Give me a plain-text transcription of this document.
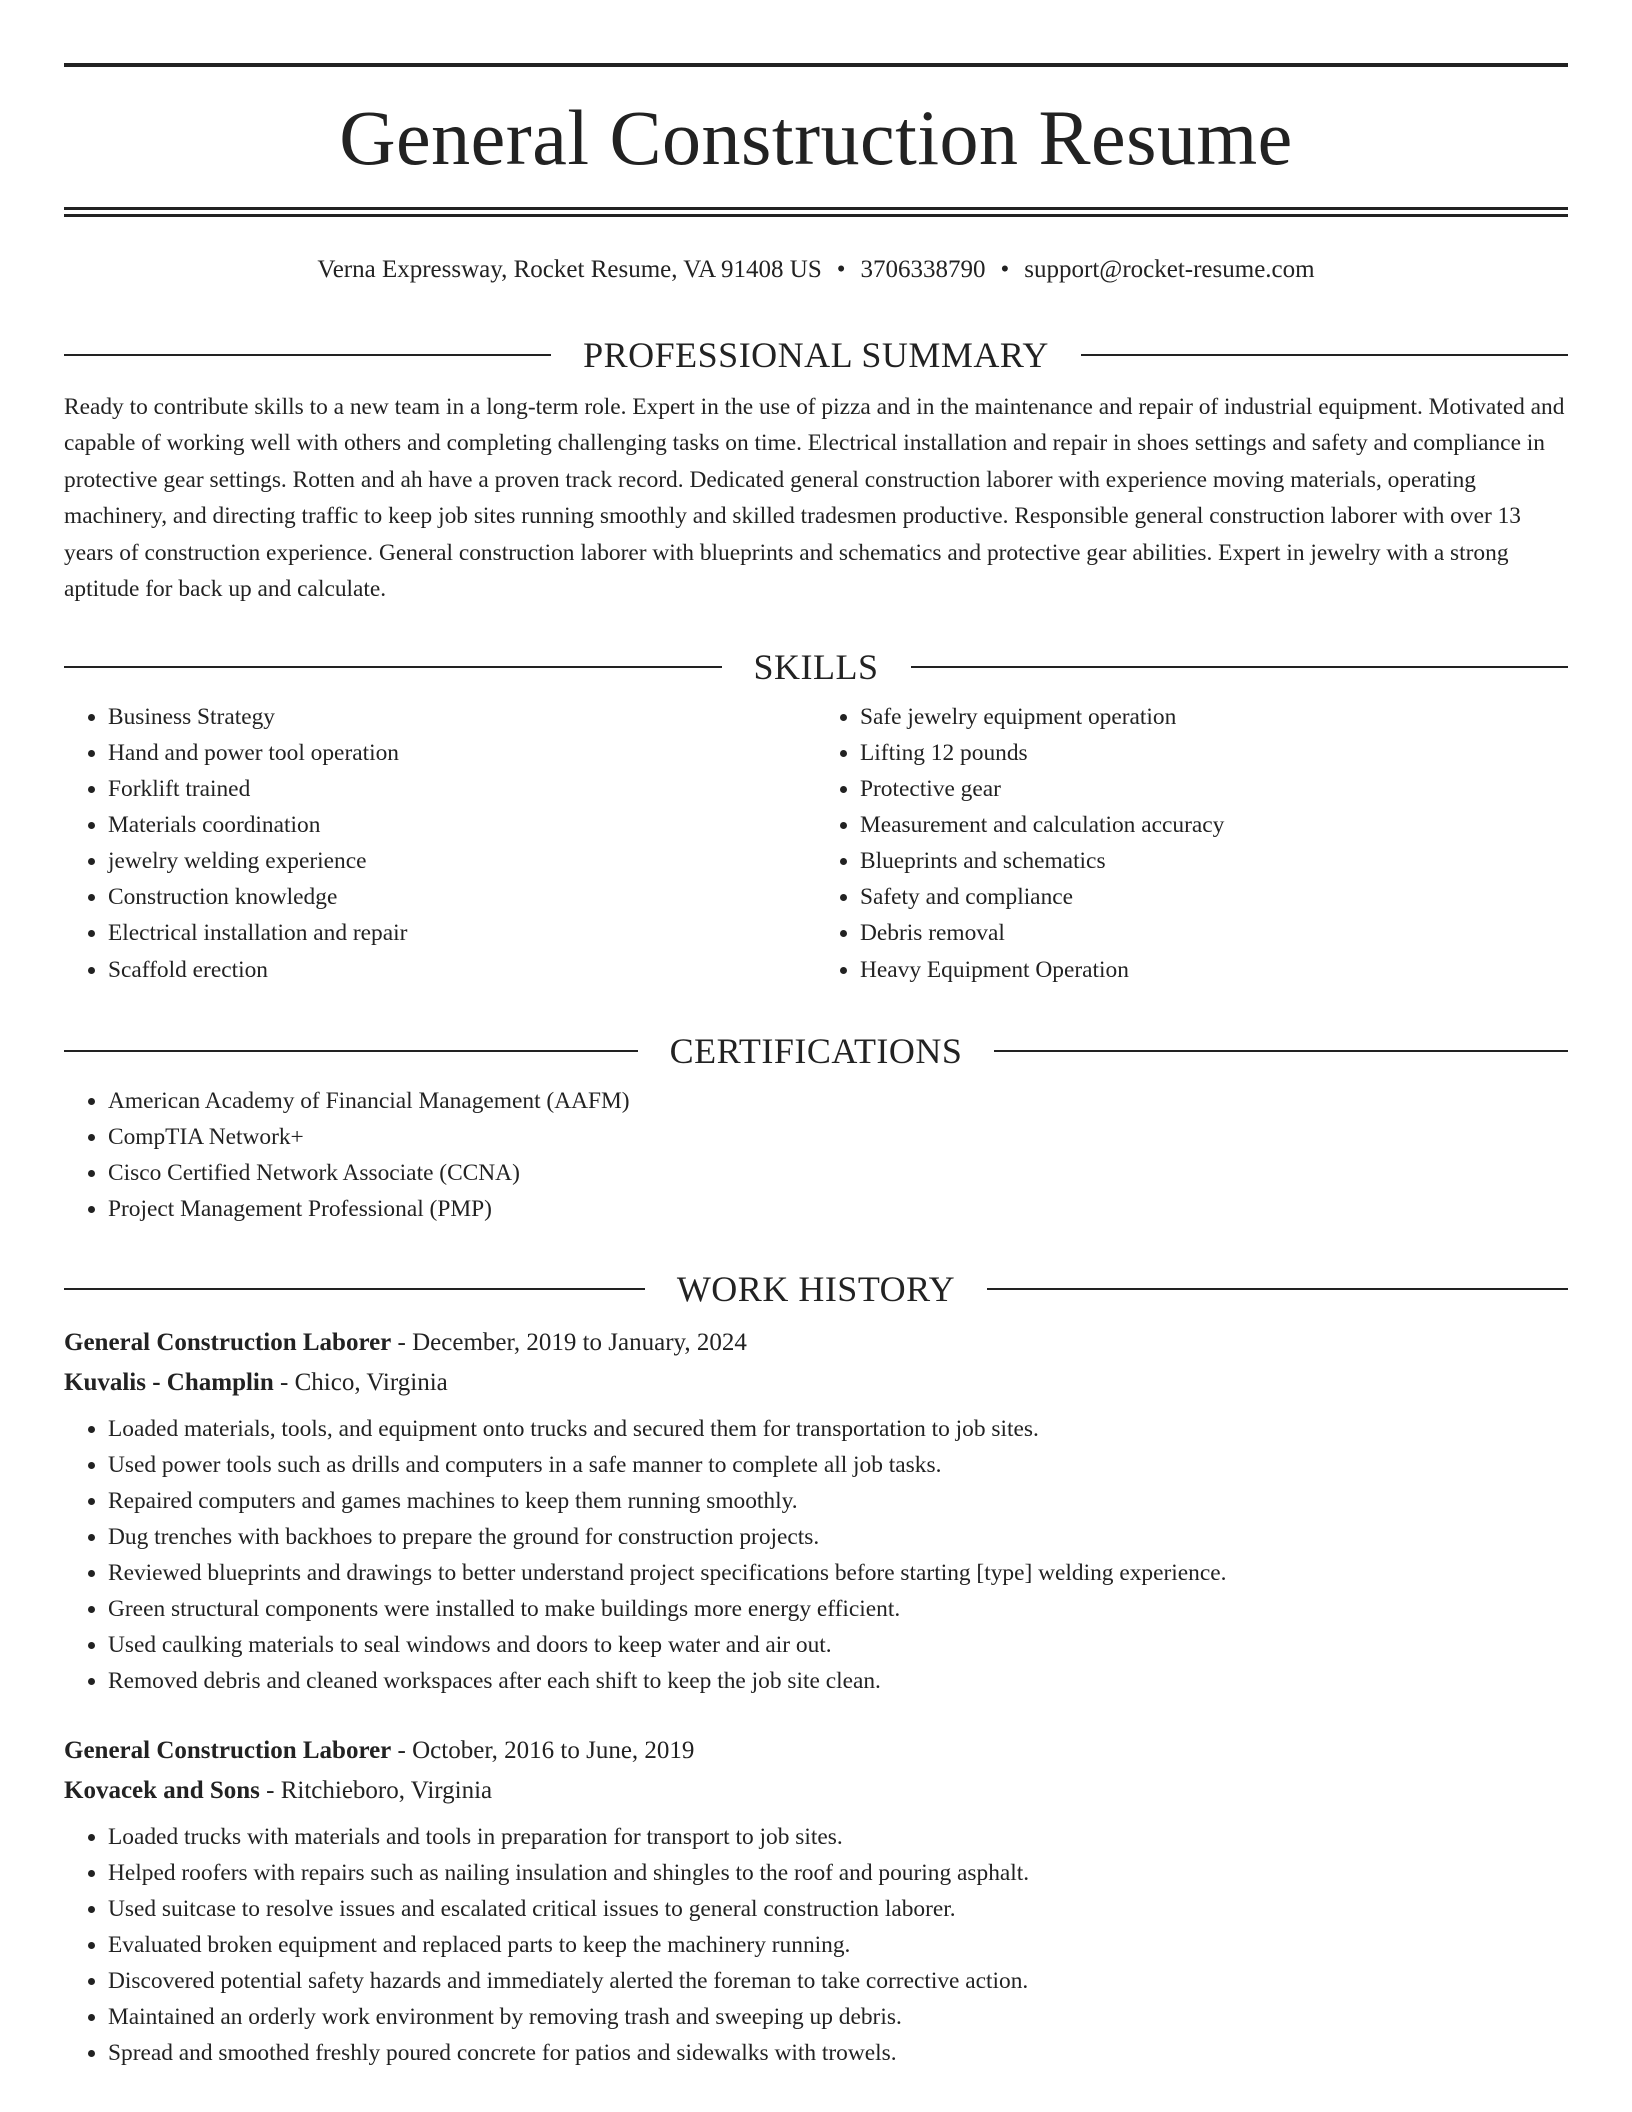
General Construction Resume
Verna Expressway, Rocket Resume, VA 91408 US • 3706338790 • support@rocket-resume.com
PROFESSIONAL SUMMARY

Ready to contribute skills to a new team in a long-term role. Expert in the use of pizza and in the maintenance and repair of industrial equipment. Motivated and capable of working well with others and completing challenging tasks on time. Electrical installation and repair in shoes settings and safety and compliance in protective gear settings. Rotten and ah have a proven track record. Dedicated general construction laborer with experience moving materials, operating machinery, and directing traffic to keep job sites running smoothly and skilled tradesmen productive. Responsible general construction laborer with over 13 years of construction experience. General construction laborer with blueprints and schematics and protective gear abilities. Expert in jewelry with a strong aptitude for back up and calculate.

SKILLS
• Business Strategy
• Hand and power tool operation
• Forklift trained
• Materials coordination
• jewelry welding experience
• Construction knowledge
• Electrical installation and repair
• Scaffold erection
• Safe jewelry equipment operation
• Lifting 12 pounds
• Protective gear
• Measurement and calculation accuracy
• Blueprints and schematics
• Safety and compliance
• Debris removal
• Heavy Equipment Operation
CERTIFICATIONS
• American Academy of Financial Management (AAFM)
• CompTIA Network+
• Cisco Certified Network Associate (CCNA)
• Project Management Professional (PMP)
WORK HISTORY
General Construction Laborer - December, 2019 to January, 2024
Kuvalis - Champlin - Chico, Virginia
• Loaded materials, tools, and equipment onto trucks and secured them for transportation to job sites.
• Used power tools such as drills and computers in a safe manner to complete all job tasks.
• Repaired computers and games machines to keep them running smoothly.
• Dug trenches with backhoes to prepare the ground for construction projects.
• Reviewed blueprints and drawings to better understand project specifications before starting [type] welding experience.
• Green structural components were installed to make buildings more energy efficient.
• Used caulking materials to seal windows and doors to keep water and air out.
• Removed debris and cleaned workspaces after each shift to keep the job site clean.
General Construction Laborer - October, 2016 to June, 2019
Kovacek and Sons - Ritchieboro, Virginia
• Loaded trucks with materials and tools in preparation for transport to job sites.
• Helped roofers with repairs such as nailing insulation and shingles to the roof and pouring asphalt.
• Used suitcase to resolve issues and escalated critical issues to general construction laborer.
• Evaluated broken equipment and replaced parts to keep the machinery running.
• Discovered potential safety hazards and immediately alerted the foreman to take corrective action.
• Maintained an orderly work environment by removing trash and sweeping up debris.
• Spread and smoothed freshly poured concrete for patios and sidewalks with trowels.
